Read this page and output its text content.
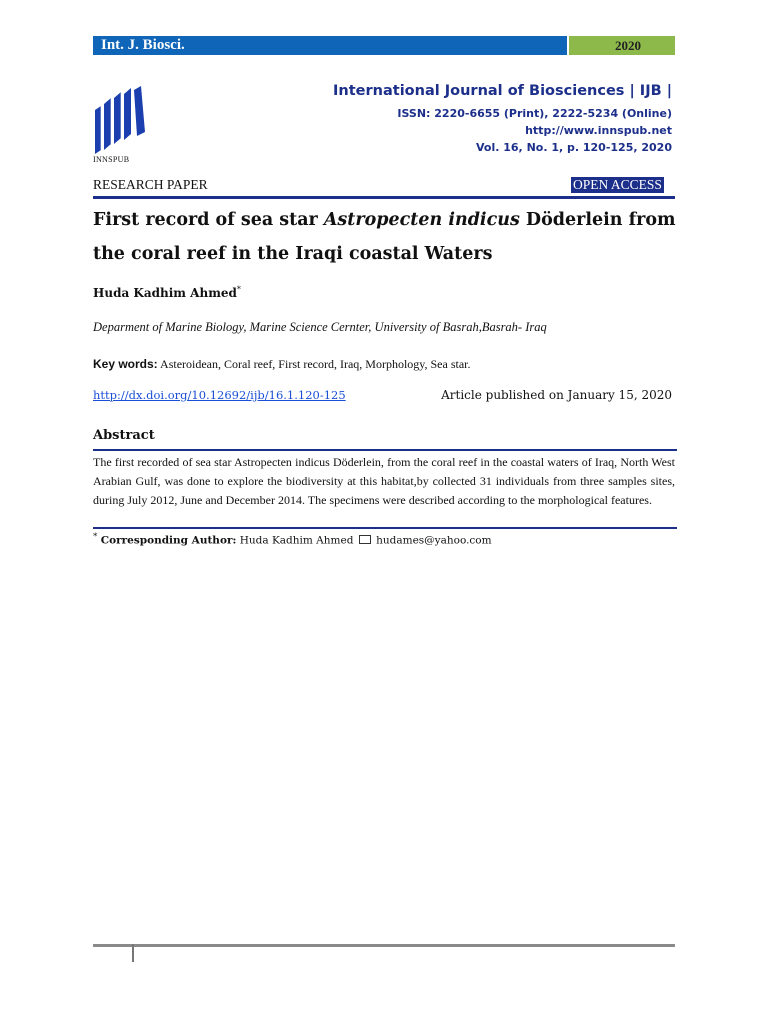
Int. J. Biosci.	2020
INNSPUB
International Journal of Biosciences | IJB |
ISSN: 2220-6655 (Print), 2222-5234 (Online)
http://www.innspub.net
Vol. 16, No. 1, p. 120-125, 2020
RESEARCH PAPER	OPEN ACCESS
First record of sea star Astropecten indicus Döderlein from the coral reef in the Iraqi coastal Waters
Huda Kadhim Ahmed*
Deparment of Marine Biology, Marine Science Cernter, University of Basrah,Basrah- Iraq
Key words: Asteroidean, Coral reef, First record, Iraq, Morphology, Sea star.
http://dx.doi.org/10.12692/ijb/16.1.120-125	Article published on January 15, 2020
Abstract
The first recorded of sea star Astropecten indicus Döderlein, from the coral reef in the coastal waters of Iraq, North West Arabian Gulf, was done to explore the biodiversity at this habitat,by collected 31 individuals from three samples sites, during July 2012, June and December 2014. The specimens were described according to the morphological features.
* Corresponding Author: Huda Kadhim Ahmed hudames@yahoo.com
